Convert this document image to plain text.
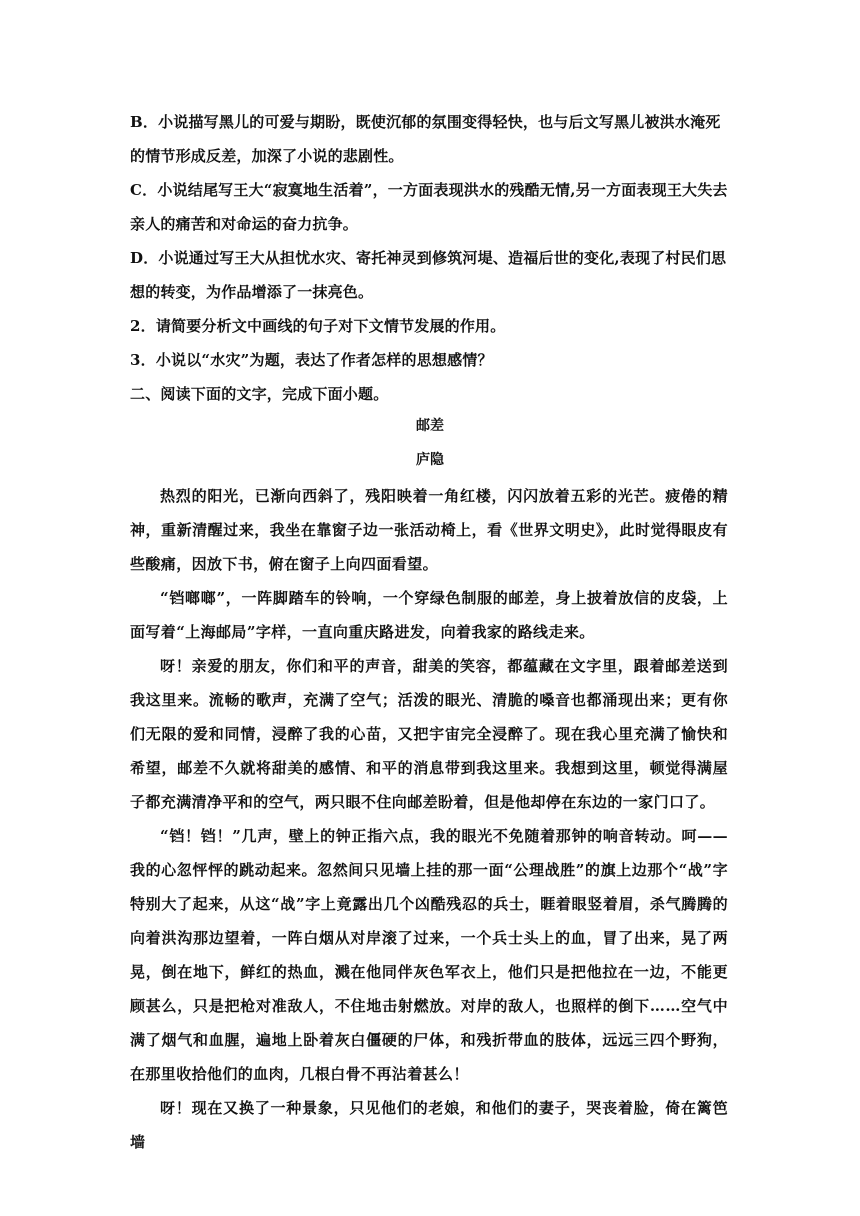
B．小说描写黑儿的可爱与期盼，既使沉郁的氛围变得轻快，也与后文写黑儿被洪水淹死的情节形成反差，加深了小说的悲剧性。
C．小说结尾写王大“寂寞地生活着”，一方面表现洪水的残酷无情,另一方面表现王大失去亲人的痛苦和对命运的奋力抗争。
D．小说通过写王大从担忧水灾、寄托神灵到修筑河堤、造福后世的变化,表现了村民们思想的转变，为作品增添了一抹亮色。
2．请简要分析文中画线的句子对下文情节发展的作用。
3．小说以“水灾”为题，表达了作者怎样的思想感情？
二、阅读下面的文字，完成下面小题。
邮差
庐隐

热烈的阳光，已渐向西斜了，残阳映着一角红楼，闪闪放着五彩的光芒。疲倦的精神，重新清醒过来，我坐在靠窗子边一张活动椅上，看《世界文明史》，此时觉得眼皮有些酸痛，因放下书，俯在窗子上向四面看望。

“铛啷啷”，一阵脚踏车的铃响，一个穿绿色制服的邮差，身上披着放信的皮袋，上面写着“上海邮局”字样，一直向重庆路进发，向着我家的路线走来。

呀！亲爱的朋友，你们和平的声音，甜美的笑容，都蕴藏在文字里，跟着邮差送到我这里来。流畅的歌声，充满了空气；活泼的眼光、清脆的嗓音也都涌现出来；更有你们无限的爱和同情，浸醉了我的心苗，又把宇宙完全浸醉了。现在我心里充满了愉快和希望，邮差不久就将甜美的感情、和平的消息带到我这里来。我想到这里，顿觉得满屋子都充满清净平和的空气，两只眼不住向邮差盼着，但是他却停在东边的一家门口了。

“铛！铛！”几声，壁上的钟正指六点，我的眼光不免随着那钟的响音转动。呵——我的心忽怦怦的跳动起来。忽然间只见墙上挂的那一面“公理战胜”的旗上边那个“战”字特别大了起来，从这“战”字上竟露出几个凶酷残忍的兵士，睚着眼竖着眉，杀气腾腾的向着洪沟那边望着，一阵白烟从对岸滚了过来，一个兵士头上的血，冒了出来，晃了两晃，倒在地下，鲜红的热血，溅在他同伴灰色军衣上，他们只是把他拉在一边，不能更顾甚么，只是把枪对准敌人，不住地击射燃放。对岸的敌人，也照样的倒下……空气中满了烟气和血腥，遍地上卧着灰白僵硬的尸体，和残折带血的肢体，远远三四个野狗，在那里收拾他们的血肉，几根白骨不再沾着甚么！

呀！现在又换了一种景象，只见他们的老娘，和他们的妻子，哭丧着脸，倚在篱笆墙
